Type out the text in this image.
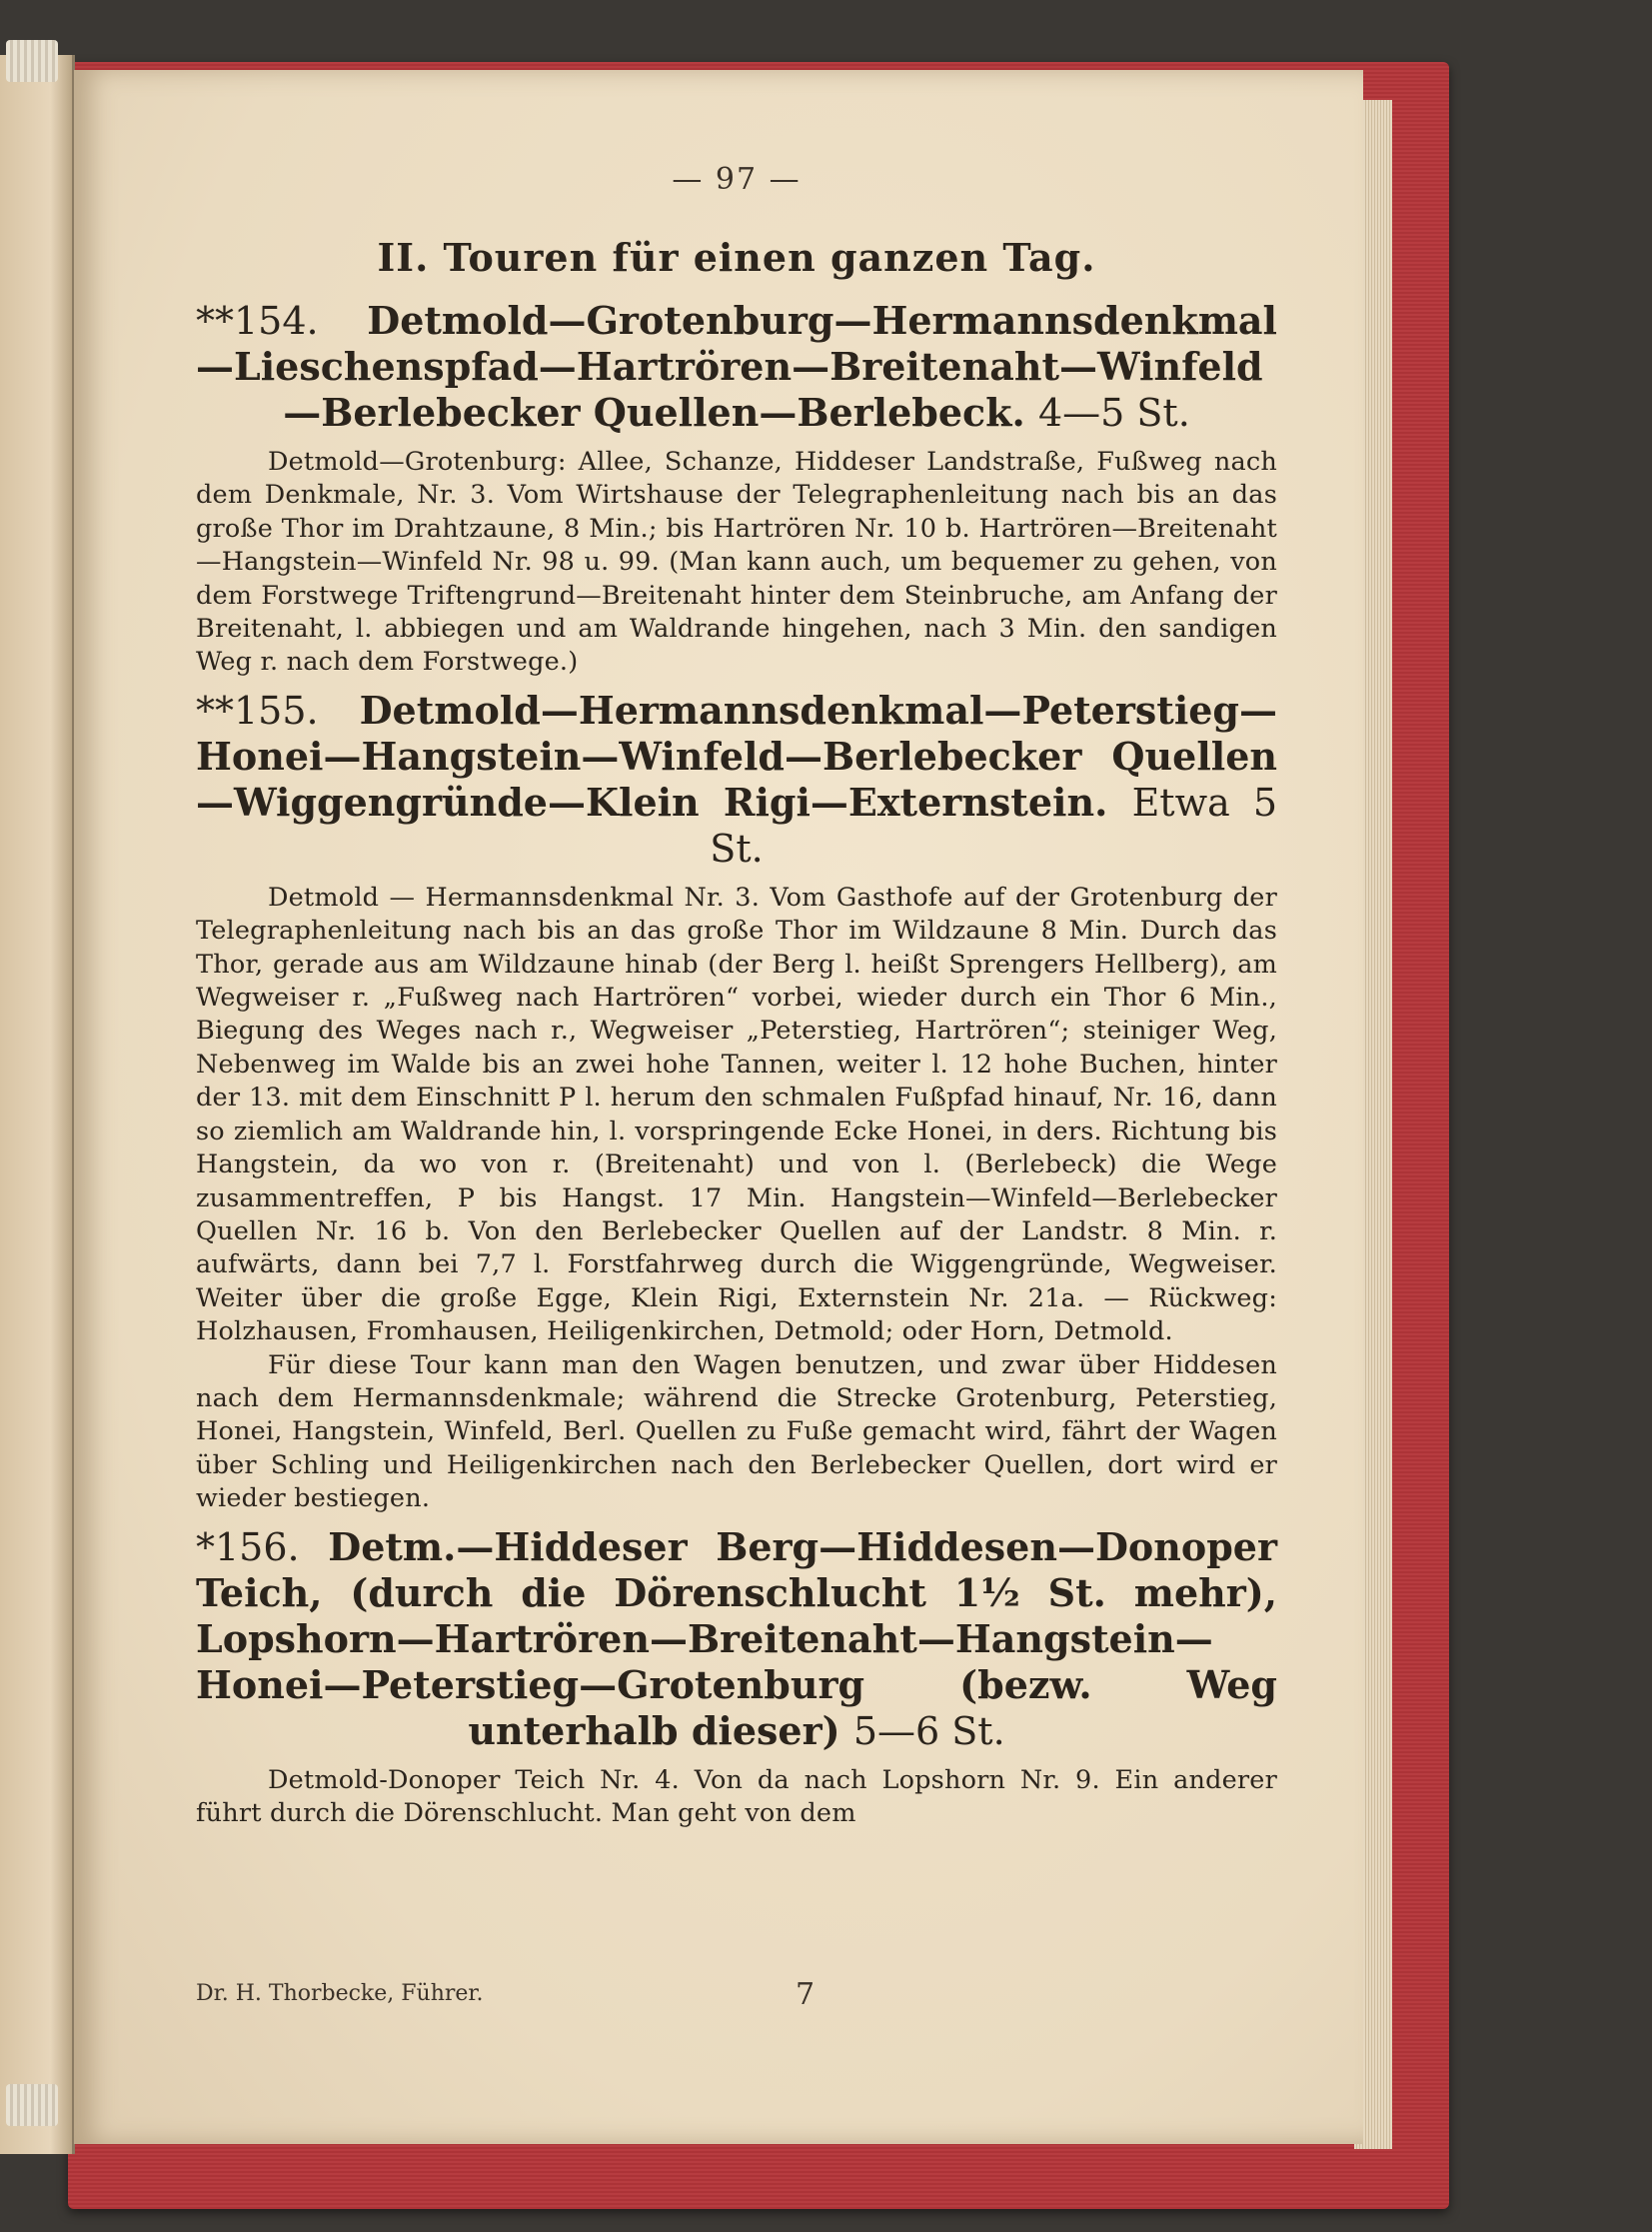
— 97 —
II. Touren für einen ganzen Tag.
**154. Detmold—Grotenburg—Hermannsdenkmal—Lieschenspfad—Hartrören—Breitenaht—Winfeld—Berlebecker Quellen—Berlebeck. 4—5 St.

Detmold—Grotenburg: Allee, Schanze, Hiddeser Landstraße, Fußweg nach dem Denkmale, Nr. 3. Vom Wirtshause der Telegraphenleitung nach bis an das große Thor im Drahtzaune, 8 Min.; bis Hartrören Nr. 10 b. Hartrören—Breitenaht—Hangstein—Winfeld Nr. 98 u. 99. (Man kann auch, um bequemer zu gehen, von dem Forstwege Triftengrund—Breitenaht hinter dem Steinbruche, am Anfang der Breitenaht, l. abbiegen und am Waldrande hingehen, nach 3 Min. den sandigen Weg r. nach dem Forstwege.)

**155. Detmold—Hermannsdenkmal—Peterstieg—Honei—Hangstein—Winfeld—Berlebecker Quellen—Wiggengründe—Klein Rigi—Externstein. Etwa 5 St.

Detmold — Hermannsdenkmal Nr. 3. Vom Gasthofe auf der Grotenburg der Telegraphenleitung nach bis an das große Thor im Wildzaune 8 Min. Durch das Thor, gerade aus am Wildzaune hinab (der Berg l. heißt Sprengers Hellberg), am Wegweiser r. „Fußweg nach Hartrören“ vorbei, wieder durch ein Thor 6 Min., Biegung des Weges nach r., Wegweiser „Peterstieg, Hartrören“; steiniger Weg, Nebenweg im Walde bis an zwei hohe Tannen, weiter l. 12 hohe Buchen, hinter der 13. mit dem Einschnitt P l. herum den schmalen Fußpfad hinauf, Nr. 16, dann so ziemlich am Waldrande hin, l. vorspringende Ecke Honei, in ders. Richtung bis Hangstein, da wo von r. (Breitenaht) und von l. (Berlebeck) die Wege zusammentreffen, P bis Hangst. 17 Min. Hangstein—Winfeld—Berlebecker Quellen Nr. 16 b. Von den Berlebecker Quellen auf der Landstr. 8 Min. r. aufwärts, dann bei 7,7 l. Forstfahrweg durch die Wiggengründe, Wegweiser. Weiter über die große Egge, Klein Rigi, Externstein Nr. 21a. — Rückweg: Holzhausen, Fromhausen, Heiligenkirchen, Detmold; oder Horn, Detmold.

Für diese Tour kann man den Wagen benutzen, und zwar über Hiddesen nach dem Hermannsdenkmale; während die Strecke Grotenburg, Peterstieg, Honei, Hangstein, Winfeld, Berl. Quellen zu Fuße gemacht wird, fährt der Wagen über Schling und Heiligenkirchen nach den Berlebecker Quellen, dort wird er wieder bestiegen.

*156. Detm.—Hiddeser Berg—Hiddesen—Donoper Teich, (durch die Dörenschlucht 1½ St. mehr), Lopshorn—Hartrören—Breitenaht—Hangstein—Honei—Peterstieg—Grotenburg (bezw. Weg unterhalb dieser) 5—6 St.

Detmold-Donoper Teich Nr. 4. Von da nach Lopshorn Nr. 9. Ein anderer führt durch die Dörenschlucht. Man geht von dem

Dr. H. Thorbecke, Führer.	7
